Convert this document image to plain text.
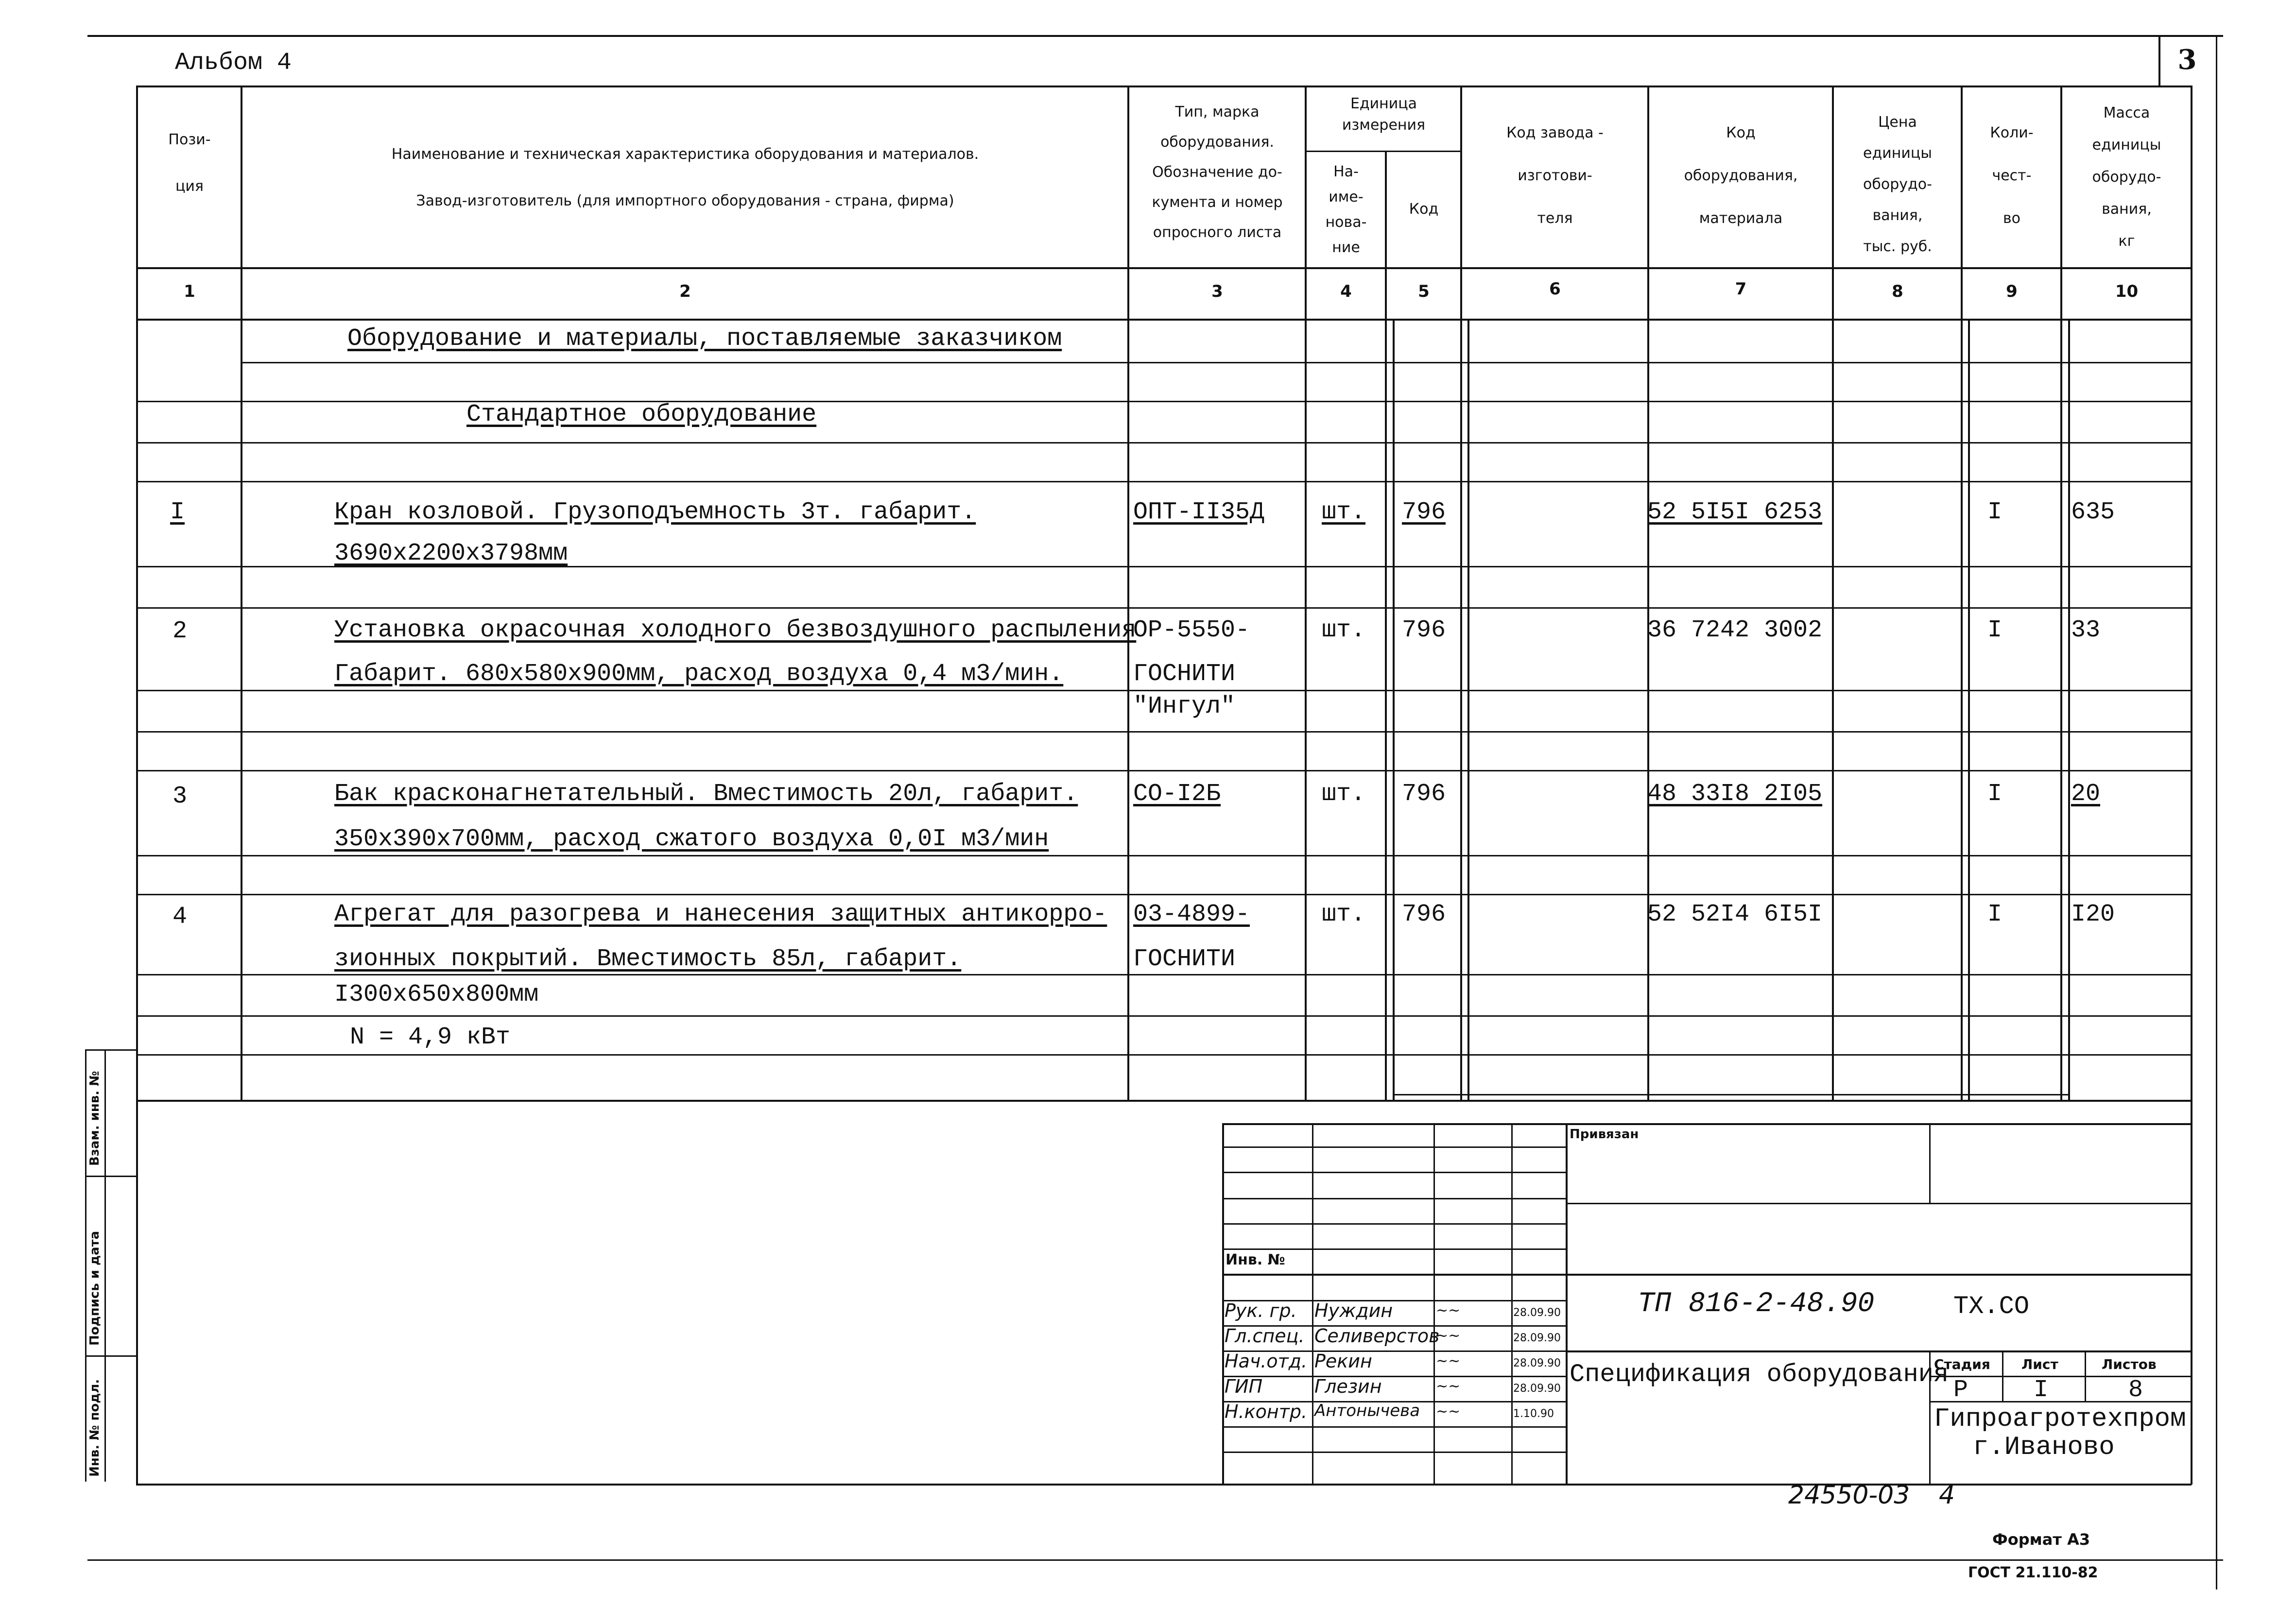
3
Альбом 4
Пози-
ция
Наименование и техническая характеристика оборудования и материалов.
Завод-изготовитель (для импортного оборудования - страна, фирма)
Тип, марка
оборудования.
Обозначение до-
кумента и номер
опросного листа
Единица
измерения
На-
име-
нова-
ние
Код
Код завода -
изготови-
теля
Код
оборудования,
материала
Цена
единицы
оборудо-
вания,
тыс. руб.
Коли-
чест-
во
Масса
единицы
оборудо-
вания,
кг
1	2	3	4	5	6	7	8	9	10
Оборудование и материалы, поставляемые заказчиком
Стандартное оборудование
I	Кран козловой. Грузоподъемность 3т. габарит.
3690x2200x3798мм
ОПТ-II35Д шт. 796	52 5I5I 6253	I	635
2	Установка окрасочная холодного безвоздушного распыления
Габарит. 680x580x900мм, расход воздуха 0,4 м3/мин.
ОР-5550-
ГОСНИТИ
"Ингул"
шт. 796	36 7242 3002	I	33
3	Бак красконагнетательный. Вместимость 20л, габарит.
350x390x700мм, расход сжатого воздуха 0,0I м3/мин
СО-I2Б	шт. 796	48 33I8 2I05	I	20
4	Агрегат для разогрева и нанесения защитных антикорро-
зионных покрытий. Вместимость 85л, габарит.
I300x650x800мм
N = 4,9 кВт
03-4899-
ГОСНИТИ
шт. 796	52 52I4 6I5I	I	I20
Инв. № подл.
Подпись и дата
Взам. инв. №	Привязан
Инв. №
Рук. гр. Нуждин	~~	28.09.90
Гл.спец. Селиверстов
~~	28.09.90
Нач.отд. Рекин	~~	28.09.90
ГИП	Глезин	~~	28.09.90
Н.контр. Антонычева ~~	1.10.90
ТП 816-2-48.90	ТХ.СО
Спецификация оборудования
Стадия Лист	Листов
Р	I	8
Гипроагротехпром
г.Иваново
24550-03 4
Формат А3
ГОСТ 21.110-82
